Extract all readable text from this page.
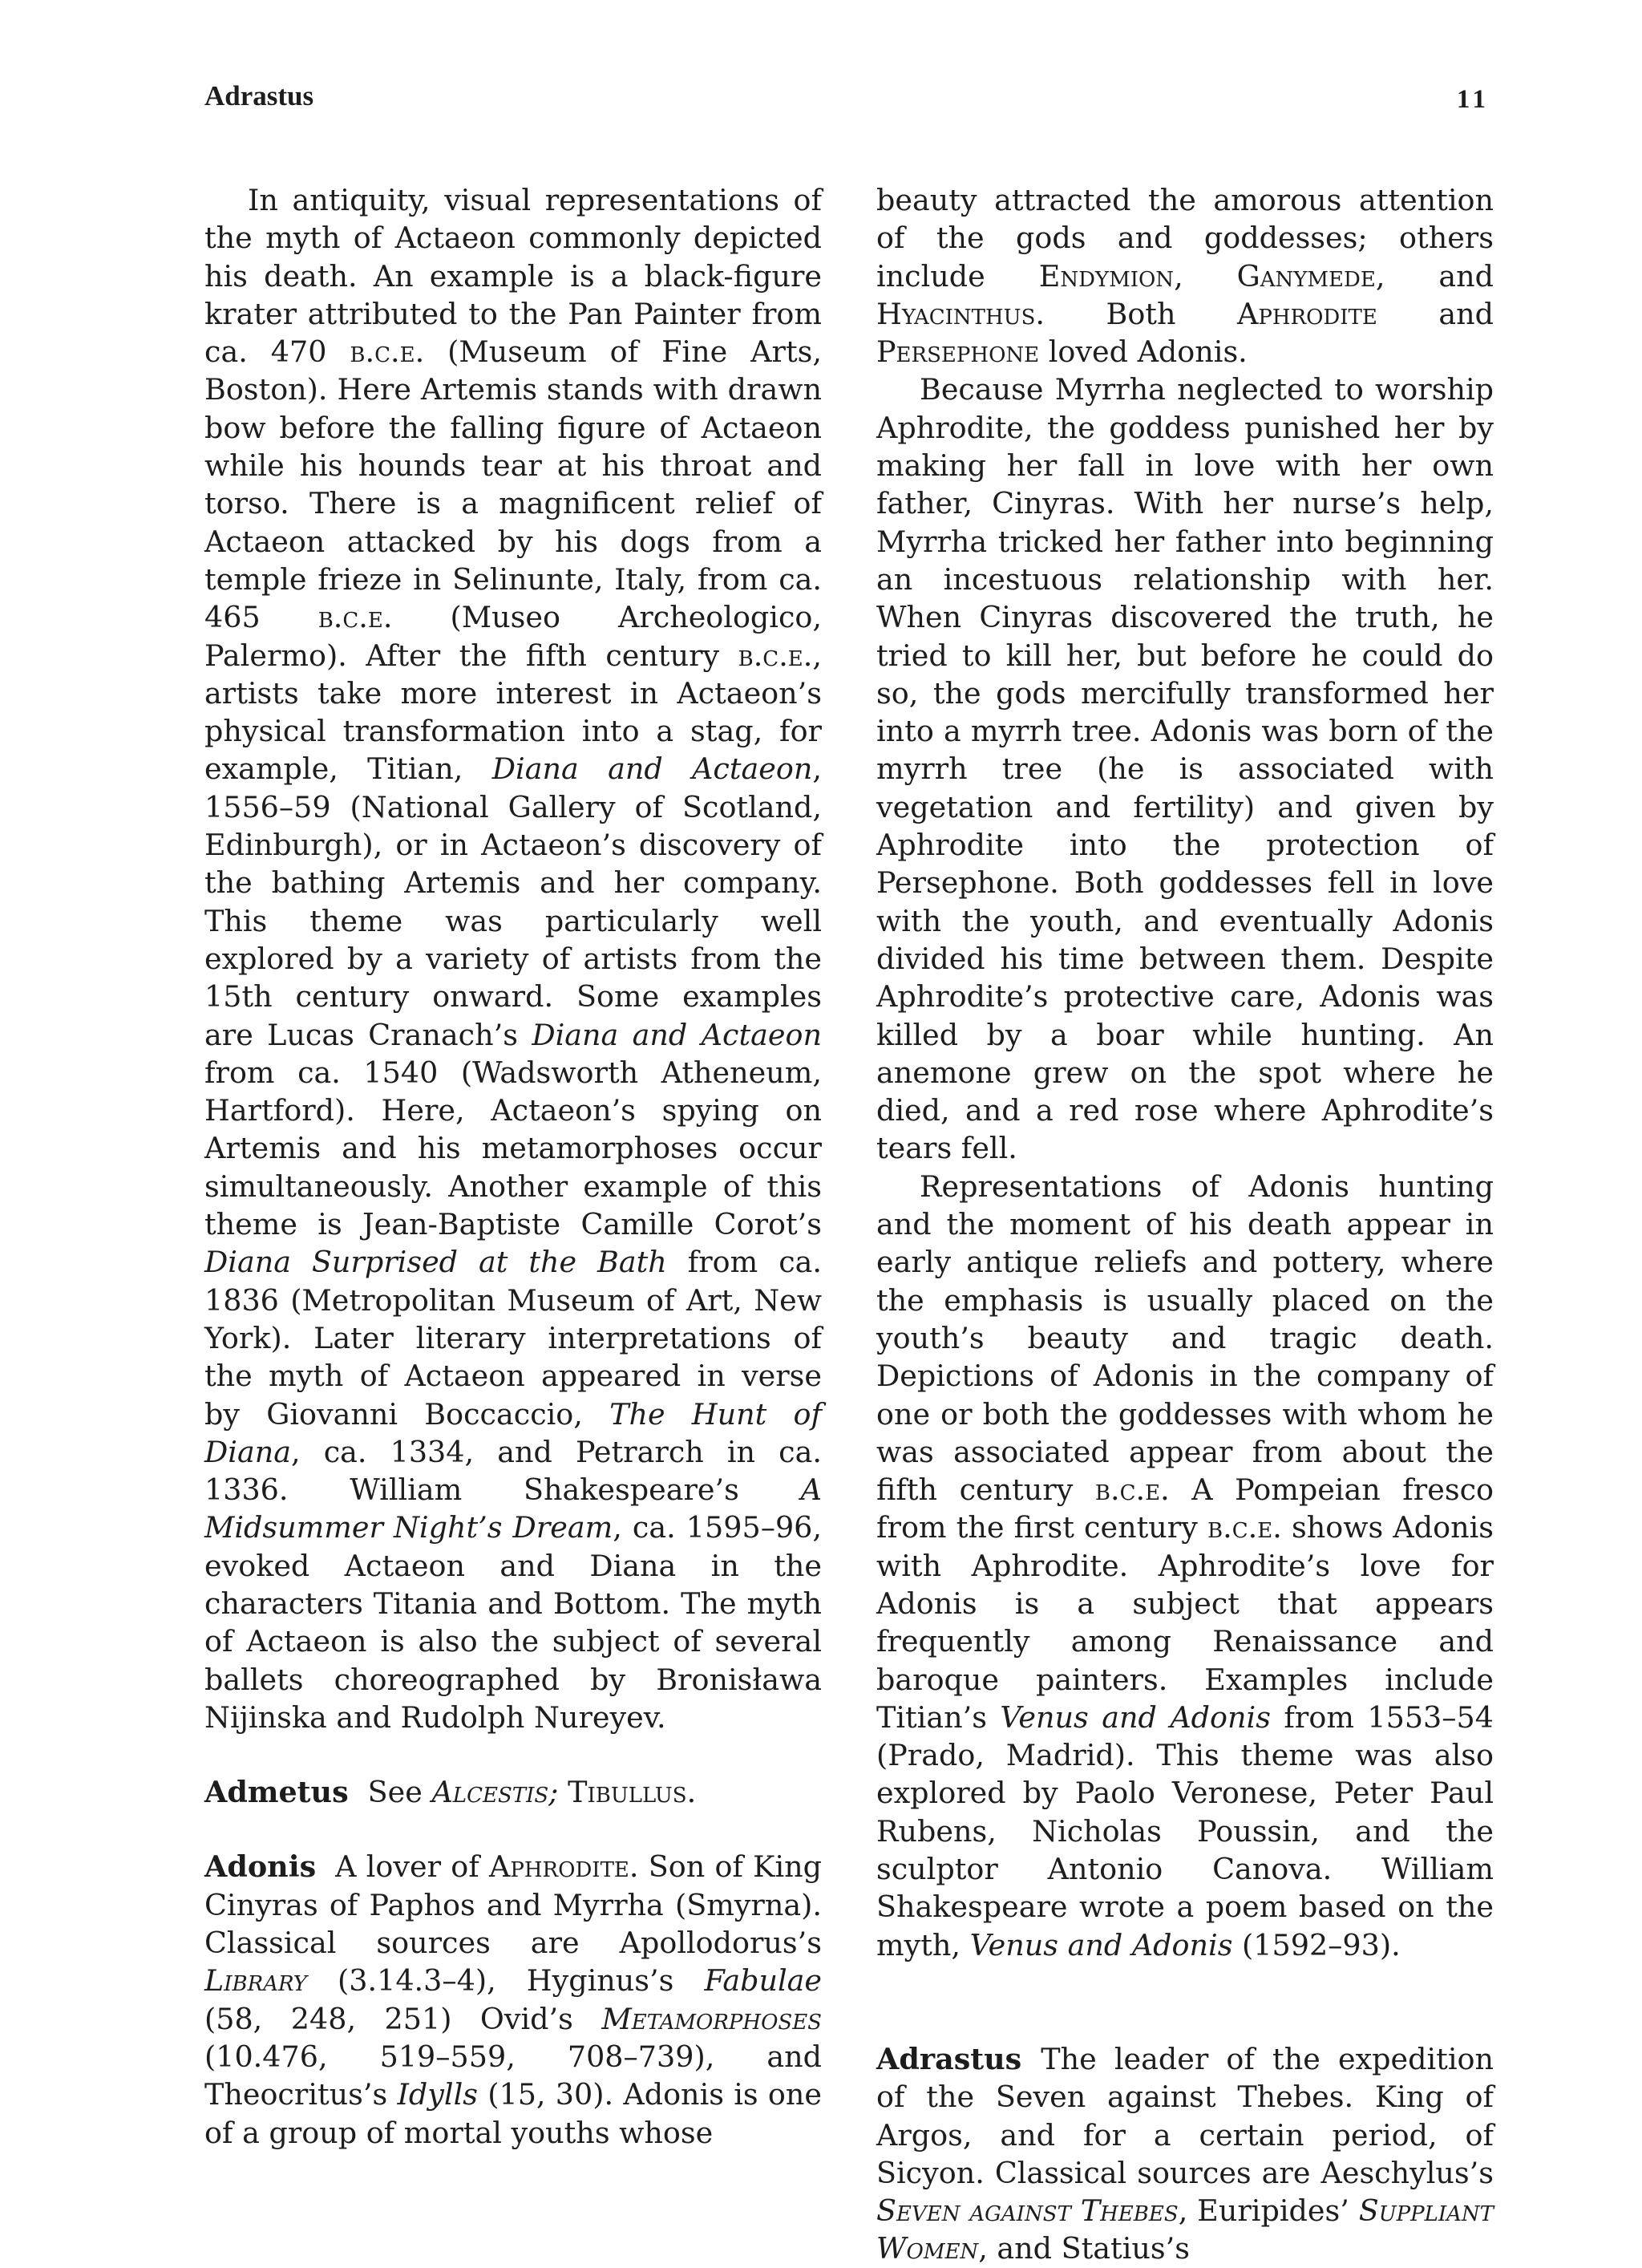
Adrastus	11

In antiquity, visual representations of the myth of Actaeon commonly depicted his death. An example is a black-figure krater attributed to the Pan Painter from ca. 470 b.c.e. (Museum of Fine Arts, Boston). Here Artemis stands with drawn bow before the falling figure of Actaeon while his hounds tear at his throat and torso. There is a magnificent relief of Actaeon attacked by his dogs from a temple frieze in Selinunte, Italy, from ca. 465 b.c.e. (Museo Archeologico, Palermo). After the fifth century b.c.e., artists take more interest in Actaeon’s physical transformation into a stag, for example, Titian, Diana and Actaeon, 1556–59 (National Gallery of Scotland, Edinburgh), or in Actaeon’s discovery of the bathing Artemis and her company. This theme was particularly well explored by a variety of artists from the 15th century onward. Some examples are Lucas Cranach’s Diana and Actaeon from ca. 1540 (Wadsworth Atheneum, Hartford). Here, Actaeon’s spying on Artemis and his metamorphoses occur simultaneously. Another example of this theme is Jean-Baptiste Camille Corot’s Diana Surprised at the Bath from ca. 1836 (Metropolitan Museum of Art, New York). Later literary interpretations of the myth of Actaeon appeared in verse by Giovanni Boccaccio, The Hunt of Diana, ca. 1334, and Petrarch in ca. 1336. William Shakespeare’s A Midsummer Night’s Dream, ca. 1595–96, evoked Actaeon and Diana in the characters Titania and Bottom. The myth of Actaeon is also the subject of several ballets choreographed by Bronisława Nijinska and Rudolph Nureyev.

Admetus See Alcestis; Tibullus.

Adonis A lover of Aphrodite. Son of King Cinyras of Paphos and Myrrha (Smyrna). Classical sources are Apollodorus’s Library (3.14.3–4), Hyginus’s Fabulae (58, 248, 251) Ovid’s Metamorphoses (10.476, 519–559, 708–739), and Theocritus’s Idylls (15, 30). Adonis is one of a group of mortal youths whose

beauty attracted the amorous attention of the gods and goddesses; others include Endymion, Ganymede, and Hyacinthus. Both Aphrodite and Persephone loved Adonis.

Because Myrrha neglected to worship Aphrodite, the goddess punished her by making her fall in love with her own father, Cinyras. With her nurse’s help, Myrrha tricked her father into beginning an incestuous relationship with her. When Cinyras discovered the truth, he tried to kill her, but before he could do so, the gods mercifully transformed her into a myrrh tree. Adonis was born of the myrrh tree (he is associated with vegetation and fertility) and given by Aphrodite into the protection of Persephone. Both goddesses fell in love with the youth, and eventually Adonis divided his time between them. Despite Aphrodite’s protective care, Adonis was killed by a boar while hunting. An anemone grew on the spot where he died, and a red rose where Aphrodite’s tears fell.

Representations of Adonis hunting and the moment of his death appear in early antique reliefs and pottery, where the emphasis is usually placed on the youth’s beauty and tragic death. Depictions of Adonis in the company of one or both the goddesses with whom he was associated appear from about the fifth century b.c.e. A Pompeian fresco from the first century b.c.e. shows Adonis with Aphrodite. Aphrodite’s love for Adonis is a subject that appears frequently among Renaissance and baroque painters. Examples include Titian’s Venus and Adonis from 1553–54 (Prado, Madrid). This theme was also explored by Paolo Veronese, Peter Paul Rubens, Nicholas Poussin, and the sculptor Antonio Canova. William Shakespeare wrote a poem based on the myth, Venus and Adonis (1592–93).

Adrastus The leader of the expedition of the Seven against Thebes. King of Argos, and for a certain period, of Sicyon. Classical sources are Aeschylus’s Seven against Thebes, Euripides’ Suppliant Women, and Statius’s
